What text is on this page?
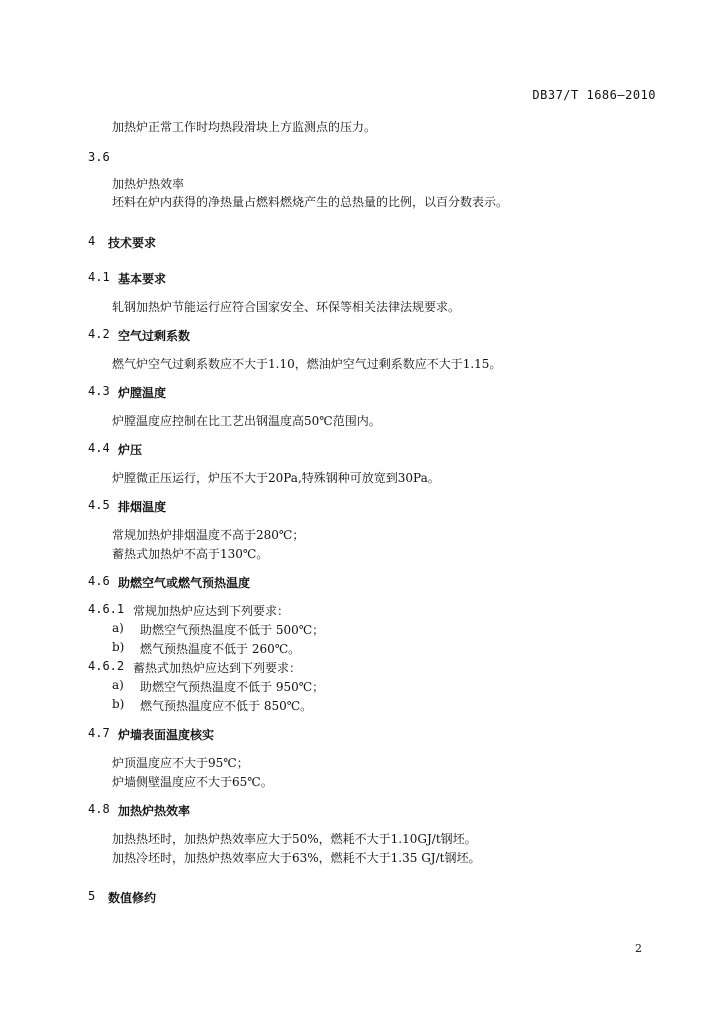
DB37/T 1686—2010
加热炉正常工作时均热段滑块上方监测点的压力。
3.6
加热炉热效率
坯料在炉内获得的净热量占燃料燃烧产生的总热量的比例，以百分数表示。
4 技术要求
4.1 基本要求
轧钢加热炉节能运行应符合国家安全、环保等相关法律法规要求。
4.2 空气过剩系数
燃气炉空气过剩系数应不大于1.10，燃油炉空气过剩系数应不大于1.15。
4.3 炉膛温度
炉膛温度应控制在比工艺出钢温度高50℃范围内。
4.4 炉压
炉膛微正压运行，炉压不大于20Pa,特殊钢种可放宽到30Pa。
4.5 排烟温度
常规加热炉排烟温度不高于280℃；
蓄热式加热炉不高于130℃。
4.6 助燃空气或燃气预热温度
4.6.1 常规加热炉应达到下列要求：
a) 助燃空气预热温度不低于 500℃；
b) 燃气预热温度不低于 260℃。
4.6.2 蓄热式加热炉应达到下列要求：
a) 助燃空气预热温度不低于 950℃；
b) 燃气预热温度应不低于 850℃。
4.7 炉墙表面温度核实
炉顶温度应不大于95℃；
炉墙侧壁温度应不大于65℃。
4.8 加热炉热效率
加热热坯时，加热炉热效率应大于50%，燃耗不大于1.10GJ/t钢坯。
加热冷坯时，加热炉热效率应大于63%，燃耗不大于1.35 GJ/t钢坯。
5 数值修约
2
